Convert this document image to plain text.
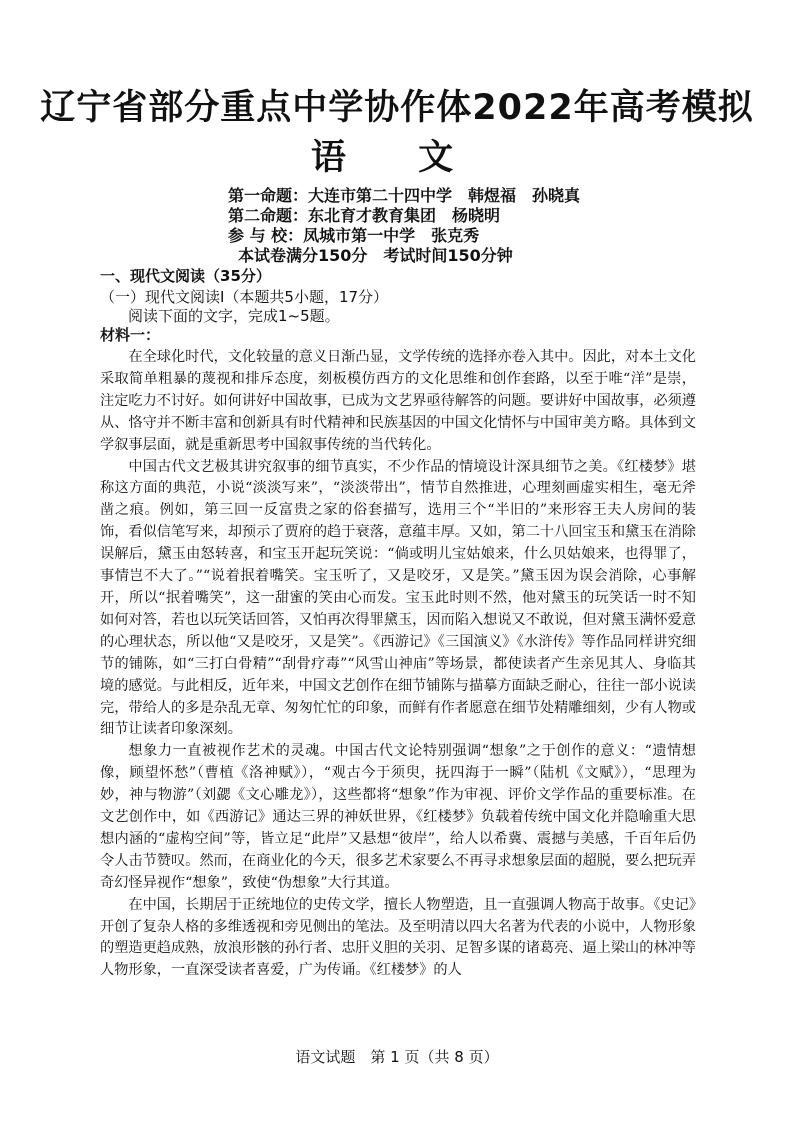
辽宁省部分重点中学协作体2022年高考模拟
语 文
第一命题：大连市第二十四中学　韩煜福　孙晓真
第二命题：东北育才教育集团　杨晓明
参 与 校：凤城市第一中学　张克秀
本试卷满分150分　考试时间150分钟
一、现代文阅读（35分）
（一）现代文阅读Ⅰ（本题共5小题，17分）
阅读下面的文字，完成1~5题。
材料一：

在全球化时代，文化较量的意义日渐凸显，文学传统的选择亦卷入其中。因此，对本土文化采取简单粗暴的蔑视和排斥态度，刻板模仿西方的文化思维和创作套路，以至于唯“洋”是崇，注定吃力不讨好。如何讲好中国故事，已成为文艺界亟待解答的问题。要讲好中国故事，必须遵从、恪守并不断丰富和创新具有时代精神和民族基因的中国文化情怀与中国审美方略。具体到文学叙事层面，就是重新思考中国叙事传统的当代转化。

中国古代文艺极其讲究叙事的细节真实，不少作品的情境设计深具细节之美。《红楼梦》堪称这方面的典范，小说“淡淡写来”，“淡淡带出”，情节自然推进，心理刻画虚实相生，毫无斧凿之痕。例如，第三回一反富贵之家的俗套描写，选用三个“半旧的”来形容王夫人房间的装饰，看似信笔写来，却预示了贾府的趋于衰落，意蕴丰厚。又如，第二十八回宝玉和黛玉在消除误解后，黛玉由怒转喜，和宝玉开起玩笑说：“倘或明儿宝姑娘来，什么贝姑娘来，也得罪了，事情岂不大了。”“说着抿着嘴笑。宝玉听了，又是咬牙，又是笑。”黛玉因为误会消除，心事解开，所以“抿着嘴笑”，这一甜蜜的笑由心而发。宝玉此时则不然，他对黛玉的玩笑话一时不知如何对答，若也以玩笑话回答，又怕再次得罪黛玉，因而陷入想说又不敢说，但对黛玉满怀爱意的心理状态，所以他“又是咬牙，又是笑”。《西游记》《三国演义》《水浒传》等作品同样讲究细节的铺陈，如“三打白骨精”“刮骨疗毒”“风雪山神庙”等场景，都使读者产生亲见其人、身临其境的感觉。与此相反，近年来，中国文艺创作在细节铺陈与描摹方面缺乏耐心，往往一部小说读完，带给人的多是杂乱无章、匆匆忙忙的印象，而鲜有作者愿意在细节处精雕细刻，少有人物或细节让读者印象深刻。

想象力一直被视作艺术的灵魂。中国古代文论特别强调“想象”之于创作的意义：“遗情想像，顾望怀愁”（曹植《洛神赋》），“观古今于须臾，抚四海于一瞬”（陆机《文赋》），“思理为妙，神与物游”（刘勰《文心雕龙》），这些都将“想象”作为审视、评价文学作品的重要标准。在文艺创作中，如《西游记》通达三界的神妖世界，《红楼梦》负载着传统中国文化并隐喻重大思想内涵的“虚构空间”等，皆立足“此岸”又悬想“彼岸”，给人以希冀、震撼与美感，千百年后仍令人击节赞叹。然而，在商业化的今天，很多艺术家要么不再寻求想象层面的超脱，要么把玩弄奇幻怪异视作“想象”，致使“伪想象”大行其道。

在中国，长期居于正统地位的史传文学，擅长人物塑造，且一直强调人物高于故事。《史记》开创了复杂人格的多维透视和旁见侧出的笔法。及至明清以四大名著为代表的小说中，人物形象的塑造更趋成熟，放浪形骸的孙行者、忠肝义胆的关羽、足智多谋的诸葛亮、逼上梁山的林冲等人物形象，一直深受读者喜爱，广为传诵。《红楼梦》的人

语文试题　第 1 页（共 8 页）
